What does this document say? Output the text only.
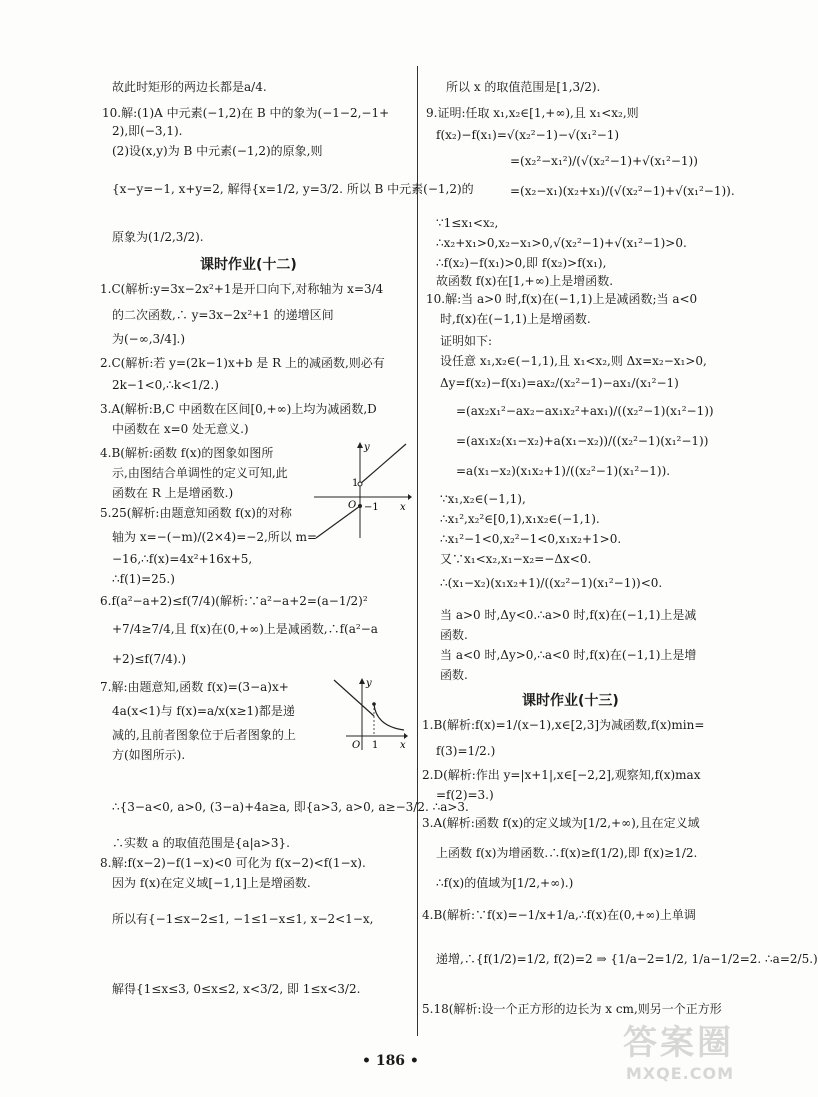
故此时矩形的两边长都是a/4.
10.解:(1)A 中元素(−1,2)在 B 中的象为(−1−2,−1+
2),即(−3,1).
(2)设(x,y)为 B 中元素(−1,2)的原象,则
{x−y=−1, x+y=2, 解得{x=1/2, y=3/2. 所以 B 中元素(−1,2)的
原象为(1/2,3/2).
课时作业(十二)
1.C(解析:y=3x−2x²+1是开口向下,对称轴为 x=3/4
的二次函数,∴ y=3x−2x²+1 的递增区间
为(−∞,3/4].)
2.C(解析:若 y=(2k−1)x+b 是 R 上的减函数,则必有
2k−1<0,∴k<1/2.)
3.A(解析:B,C 中函数在区间[0,+∞)上均为减函数,D
中函数在 x=0 处无意义.)
4.B(解析:函数 f(x)的图象如图所
示,由图结合单调性的定义可知,此
函数在 R 上是增函数.)
5.25(解析:由题意知函数 f(x)的对称
轴为 x=−(−m)/(2×4)=−2,所以 m=
−16,∴f(x)=4x²+16x+5,
∴f(1)=25.)
6.f(a²−a+2)≤f(7/4)(解析:∵a²−a+2=(a−1/2)²
+7/4≥7/4,且 f(x)在(0,+∞)上是减函数,∴f(a²−a
+2)≤f(7/4).)
7.解:由题意知,函数 f(x)=(3−a)x+
4a(x<1)与 f(x)=a/x(x≥1)都是递
减的,且前者图象位于后者图象的上
方(如图所示).
∴{3−a<0, a>0, (3−a)+4a≥a, 即{a>3, a>0, a≥−3/2. ∴a>3.
∴实数 a 的取值范围是{a|a>3}.
8.解:f(x−2)−f(1−x)<0 可化为 f(x−2)<f(1−x).
因为 f(x)在定义域[−1,1]上是增函数.
所以有{−1≤x−2≤1, −1≤1−x≤1, x−2<1−x,
解得{1≤x≤3, 0≤x≤2, x<3/2, 即 1≤x<3/2.
x
y
O
1
−1
x
y
O 1
所以 x 的取值范围是[1,3/2).
9.证明:任取 x₁,x₂∈[1,+∞),且 x₁<x₂,则
f(x₂)−f(x₁)=√(x₂²−1)−√(x₁²−1)
=(x₂²−x₁²)/(√(x₂²−1)+√(x₁²−1))
=(x₂−x₁)(x₂+x₁)/(√(x₂²−1)+√(x₁²−1)).
∵1≤x₁<x₂,
∴x₂+x₁>0,x₂−x₁>0,√(x₂²−1)+√(x₁²−1)>0.
∴f(x₂)−f(x₁)>0,即 f(x₂)>f(x₁),
故函数 f(x)在[1,+∞)上是增函数.
10.解:当 a>0 时,f(x)在(−1,1)上是减函数;当 a<0
时,f(x)在(−1,1)上是增函数.
证明如下:
设任意 x₁,x₂∈(−1,1),且 x₁<x₂,则 Δx=x₂−x₁>0,
Δy=f(x₂)−f(x₁)=ax₂/(x₂²−1)−ax₁/(x₁²−1)
=(ax₂x₁²−ax₂−ax₁x₂²+ax₁)/((x₂²−1)(x₁²−1))
=(ax₁x₂(x₁−x₂)+a(x₁−x₂))/((x₂²−1)(x₁²−1))
=a(x₁−x₂)(x₁x₂+1)/((x₂²−1)(x₁²−1)).
∵x₁,x₂∈(−1,1),
∴x₁²,x₂²∈[0,1),x₁x₂∈(−1,1).
∴x₁²−1<0,x₂²−1<0,x₁x₂+1>0.
又∵x₁<x₂,x₁−x₂=−Δx<0.
∴(x₁−x₂)(x₁x₂+1)/((x₂²−1)(x₁²−1))<0.
当 a>0 时,Δy<0.∴a>0 时,f(x)在(−1,1)上是减
函数.
当 a<0 时,Δy>0,∴a<0 时,f(x)在(−1,1)上是增
函数.
课时作业(十三)
1.B(解析:f(x)=1/(x−1),x∈[2,3]为减函数,f(x)min=
f(3)=1/2.)
2.D(解析:作出 y=|x+1|,x∈[−2,2],观察知,f(x)max
=f(2)=3.)
3.A(解析:函数 f(x)的定义域为[1/2,+∞),且在定义域
上函数 f(x)为增函数.∴f(x)≥f(1/2),即 f(x)≥1/2.
∴f(x)的值域为[1/2,+∞).)
4.B(解析:∵f(x)=−1/x+1/a,∴f(x)在(0,+∞)上单调
递增,∴{f(1/2)=1/2, f(2)=2 ⇒ {1/a−2=1/2, 1/a−1/2=2. ∴a=2/5.)
5.18(解析:设一个正方形的边长为 x cm,则另一个正方形
• 186 •	答案圈
MXQE.COM
